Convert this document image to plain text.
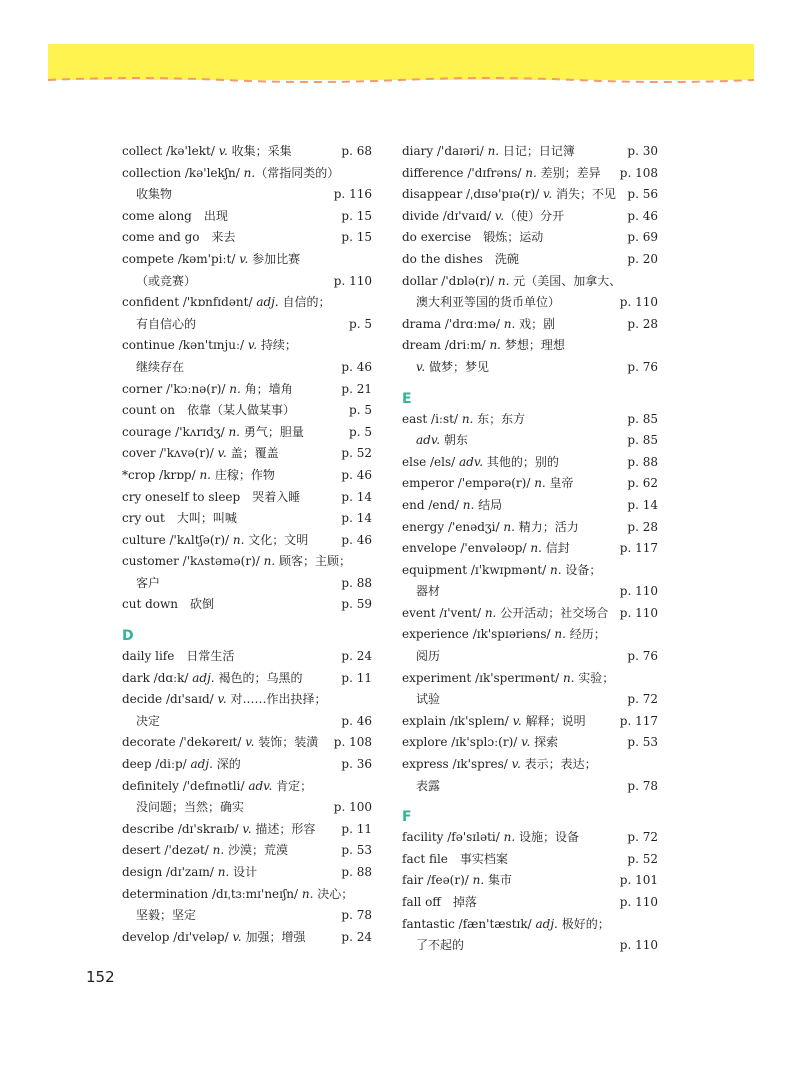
collect /kə'lekt/ v. 收集；采集	p. 68
collection /kə'lekʃn/ n.（常指同类的）
收集物	p. 116
come along　出现	p. 15
come and go　来去	p. 15
compete /kəm'piːt/ v. 参加比赛
（或竞赛）	p. 110
confident /'kɒnfɪdənt/ adj. 自信的；
有自信心的	p. 5
continue /kən'tɪnjuː/ v. 持续；
继续存在	p. 46
corner /'kɔːnə(r)/ n. 角；墙角	p. 21
count on　依靠（某人做某事）	p. 5
courage /'kʌrɪdʒ/ n. 勇气；胆量	p. 5
cover /'kʌvə(r)/ v. 盖；覆盖	p. 52
*crop /krɒp/ n. 庄稼；作物	p. 46
cry oneself to sleep　哭着入睡	p. 14
cry out　大叫；叫喊	p. 14
culture /'kʌltʃə(r)/ n. 文化；文明	p. 46
customer /'kʌstəmə(r)/ n. 顾客；主顾；
客户	p. 88
cut down　砍倒	p. 59
D
daily life　日常生活	p. 24
dark /dɑːk/ adj. 褐色的；乌黑的	p. 11
decide /dɪ'saɪd/ v. 对……作出抉择；
决定	p. 46
decorate /'dekəreɪt/ v. 装饰；装潢 p. 108
deep /diːp/ adj. 深的	p. 36
definitely /'defɪnətli/ adv. 肯定；
没问题；当然；确实	p. 100
describe /dɪ'skraɪb/ v. 描述；形容 p. 11
desert /'dezət/ n. 沙漠；荒漠	p. 53
design /dɪ'zaɪn/ n. 设计	p. 88
determination /dɪˌtɜːmɪ'neɪʃn/ n. 决心；
坚毅；坚定	p. 78
develop /dɪ'veləp/ v. 加强；增强	p. 24
diary /'daɪəri/ n. 日记；日记簿	p. 30
difference /'dɪfrəns/ n. 差别；差异 p. 108
disappear /ˌdɪsə'pɪə(r)/ v. 消失；不见 p. 56
divide /dɪ'vaɪd/ v.（使）分开	p. 46
do exercise　锻炼；运动	p. 69
do the dishes　洗碗	p. 20
dollar /'dɒlə(r)/ n. 元（美国、加拿大、
澳大利亚等国的货币单位）	p. 110
drama /'drɑːmə/ n. 戏；剧	p. 28
dream /driːm/ n. 梦想；理想
v. 做梦；梦见	p. 76
E
east /iːst/ n. 东；东方	p. 85
adv. 朝东	p. 85
else /els/ adv. 其他的；别的	p. 88
emperor /'empərə(r)/ n. 皇帝	p. 62
end /end/ n. 结局	p. 14
energy /'enədʒi/ n. 精力；活力	p. 28
envelope /'envələʊp/ n. 信封	p. 117
equipment /ɪ'kwɪpmənt/ n. 设备；
器材	p. 110
event /ɪ'vent/ n. 公开活动；社交场合 p. 110
experience /ɪk'spɪəriəns/ n. 经历；
阅历	p. 76
experiment /ɪk'sperɪmənt/ n. 实验；
试验	p. 72
explain /ɪk'spleɪn/ v. 解释；说明	p. 117
explore /ɪk'splɔː(r)/ v. 探索	p. 53
express /ɪk'spres/ v. 表示；表达；
表露	p. 78
F
facility /fə'sɪləti/ n. 设施；设备	p. 72
fact file　事实档案	p. 52
fair /feə(r)/ n. 集市	p. 101
fall off　掉落	p. 110
fantastic /fæn'tæstɪk/ adj. 极好的；
了不起的	p. 110
152
